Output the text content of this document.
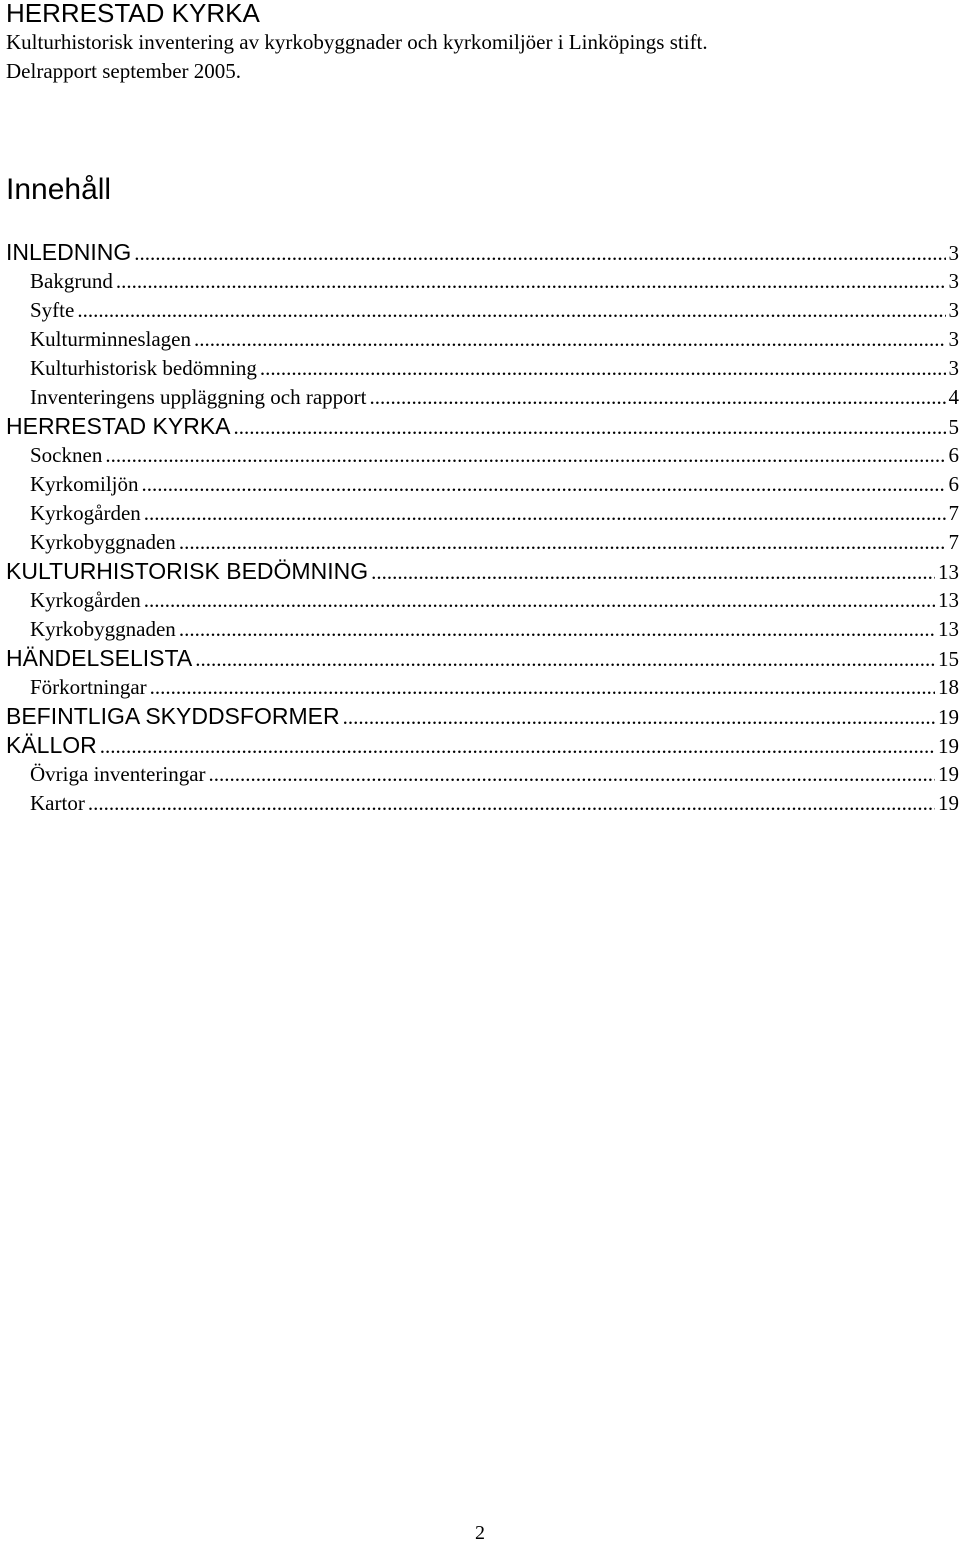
HERRESTAD KYRKA
Kulturhistorisk inventering av kyrkobyggnader och kyrkomiljöer i Linköpings stift.
Delrapport september 2005.
Innehåll
INLEDNING .....	3
Bakgrund .....	3
Syfte .....	3
Kulturminneslagen .....	3
Kulturhistorisk bedömning .....	3
Inventeringens uppläggning och rapport .....	4
HERRESTAD KYRKA .....	5
Socknen .....	6
Kyrkomiljön .....	6
Kyrkogården .....	7
Kyrkobyggnaden .....	7
KULTURHISTORISK BEDÖMNING .....	13
Kyrkogården .....	13
Kyrkobyggnaden .....	13
HÄNDELSELISTA .....	15
Förkortningar .....	18
BEFINTLIGA SKYDDSFORMER .....	19
KÄLLOR .....	19
Övriga inventeringar .....	19
Kartor .....	19
2
